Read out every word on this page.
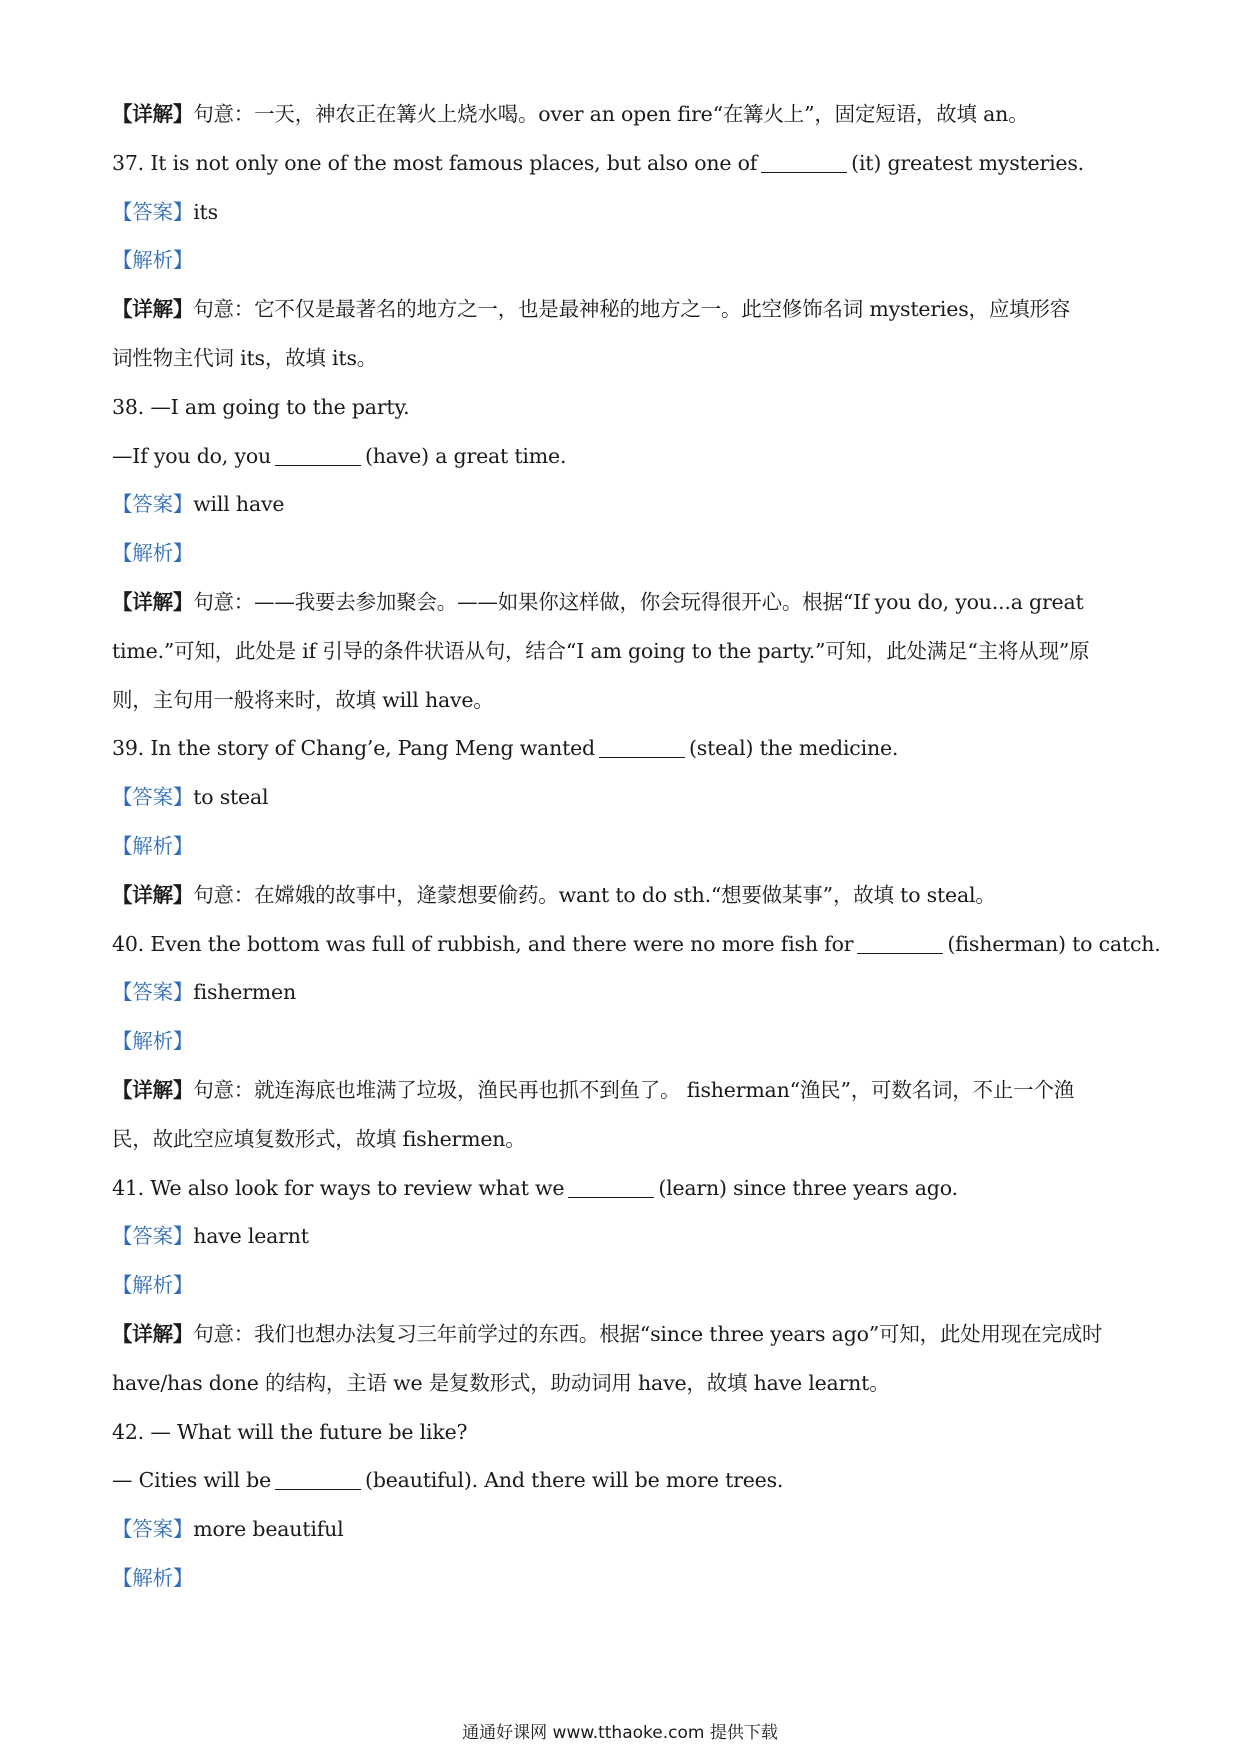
【详解】句意：一天，神农正在篝火上烧水喝。over an open fire“在篝火上”，固定短语，故填 an。
37. It is not only one of the most famous places, but also one of	(it) greatest mysteries.
【答案】its
【解析】
【详解】句意：它不仅是最著名的地方之一，也是最神秘的地方之一。此空修饰名词 mysteries，应填形容
词性物主代词 its，故填 its。
38. —I am going to the party.
—If you do, you	(have) a great time.
【答案】will have
【解析】
【详解】句意：——我要去参加聚会。——如果你这样做，你会玩得很开心。根据“If you do, you...a great
time.”可知，此处是 if 引导的条件状语从句，结合“I am going to the party.”可知，此处满足“主将从现”原
则，主句用一般将来时，故填 will have。
39. In the story of Chang’e, Pang Meng wanted	(steal) the medicine.
【答案】to steal
【解析】
【详解】句意：在嫦娥的故事中，逄蒙想要偷药。want to do sth.“想要做某事”，故填 to steal。
40. Even the bottom was full of rubbish, and there were no more fish for	(fisherman) to catch.
【答案】fishermen
【解析】
【详解】句意：就连海底也堆满了垃圾，渔民再也抓不到鱼了。 fisherman“渔民”，可数名词，不止一个渔
民，故此空应填复数形式，故填 fishermen。
41. We also look for ways to review what we	(learn) since three years ago.
【答案】have learnt
【解析】
【详解】句意：我们也想办法复习三年前学过的东西。根据“since three years ago”可知，此处用现在完成时
have/has done 的结构，主语 we 是复数形式，助动词用 have，故填 have learnt。
42. — What will the future be like?
— Cities will be	(beautiful). And there will be more trees.
【答案】more beautiful
【解析】
通通好课网 www.tthaoke.com 提供下载
